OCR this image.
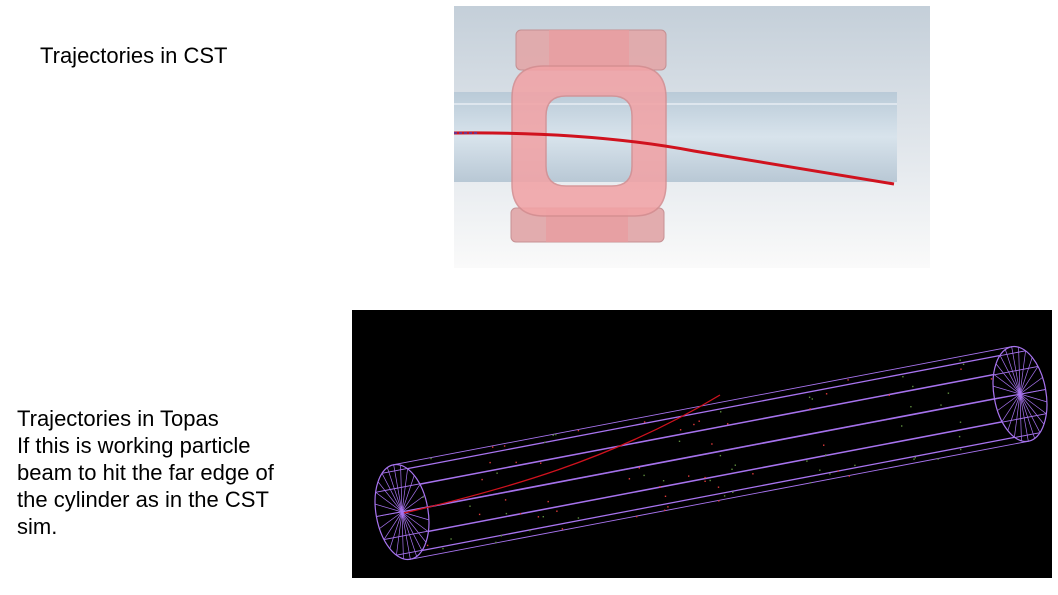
Trajectories in CST
Trajectories in Topas
If this is working particle
beam to hit the far edge of
the cylinder as in the CST
sim.
